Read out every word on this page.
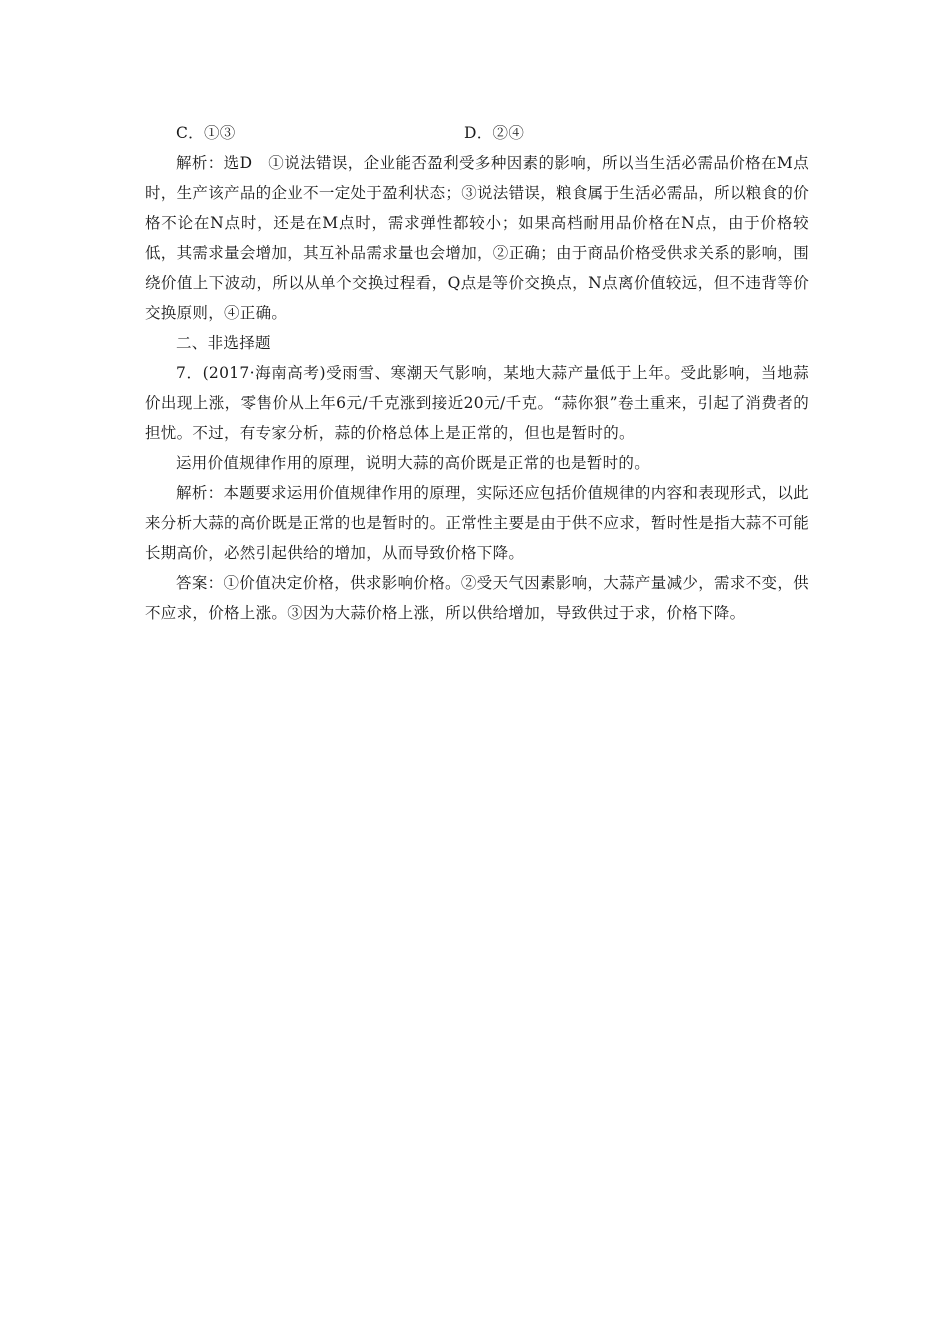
C．①③	D．②④

解析：选D　①说法错误，企业能否盈利受多种因素的影响，所以当生活必需品价格在M点时，生产该产品的企业不一定处于盈利状态；③说法错误，粮食属于生活必需品，所以粮食的价格不论在N点时，还是在M点时，需求弹性都较小；如果高档耐用品价格在N点，由于价格较低，其需求量会增加，其互补品需求量也会增加，②正确；由于商品价格受供求关系的影响，围绕价值上下波动，所以从单个交换过程看，Q点是等价交换点，N点离价值较远，但不违背等价交换原则，④正确。

二、非选择题

7．(2017·海南高考)受雨雪、寒潮天气影响，某地大蒜产量低于上年。受此影响，当地蒜价出现上涨，零售价从上年6元/千克涨到接近20元/千克。“蒜你狠”卷土重来，引起了消费者的担忧。不过，有专家分析，蒜的价格总体上是正常的，但也是暂时的。

运用价值规律作用的原理，说明大蒜的高价既是正常的也是暂时的。

解析：本题要求运用价值规律作用的原理，实际还应包括价值规律的内容和表现形式，以此来分析大蒜的高价既是正常的也是暂时的。正常性主要是由于供不应求，暂时性是指大蒜不可能长期高价，必然引起供给的增加，从而导致价格下降。

答案：①价值决定价格，供求影响价格。②受天气因素影响，大蒜产量减少，需求不变，供不应求，价格上涨。③因为大蒜价格上涨，所以供给增加，导致供过于求，价格下降。
